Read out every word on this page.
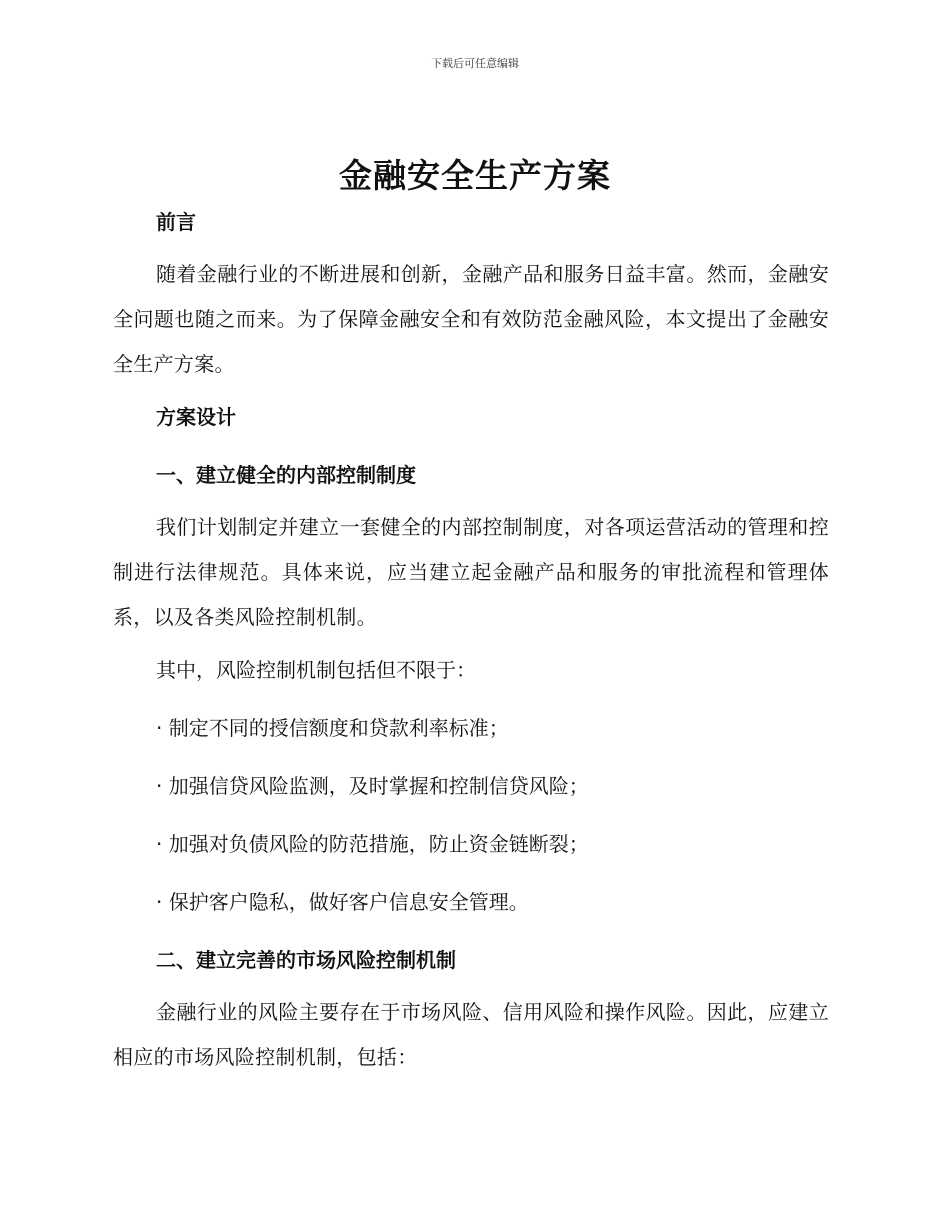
下载后可任意编辑
金融安全生产方案

前言

随着金融行业的不断进展和创新，金融产品和服务日益丰富。然而，金融安全问题也随之而来。为了保障金融安全和有效防范金融风险，本文提出了金融安全生产方案。

方案设计

一、建立健全的内部控制制度

我们计划制定并建立一套健全的内部控制制度，对各项运营活动的管理和控制进行法律规范。具体来说，应当建立起金融产品和服务的审批流程和管理体系，以及各类风险控制机制。

其中，风险控制机制包括但不限于：

· 制定不同的授信额度和贷款利率标准；

· 加强信贷风险监测，及时掌握和控制信贷风险；

· 加强对负债风险的防范措施，防止资金链断裂；

· 保护客户隐私，做好客户信息安全管理。

二、建立完善的市场风险控制机制

金融行业的风险主要存在于市场风险、信用风险和操作风险。因此，应建立相应的市场风险控制机制，包括：
